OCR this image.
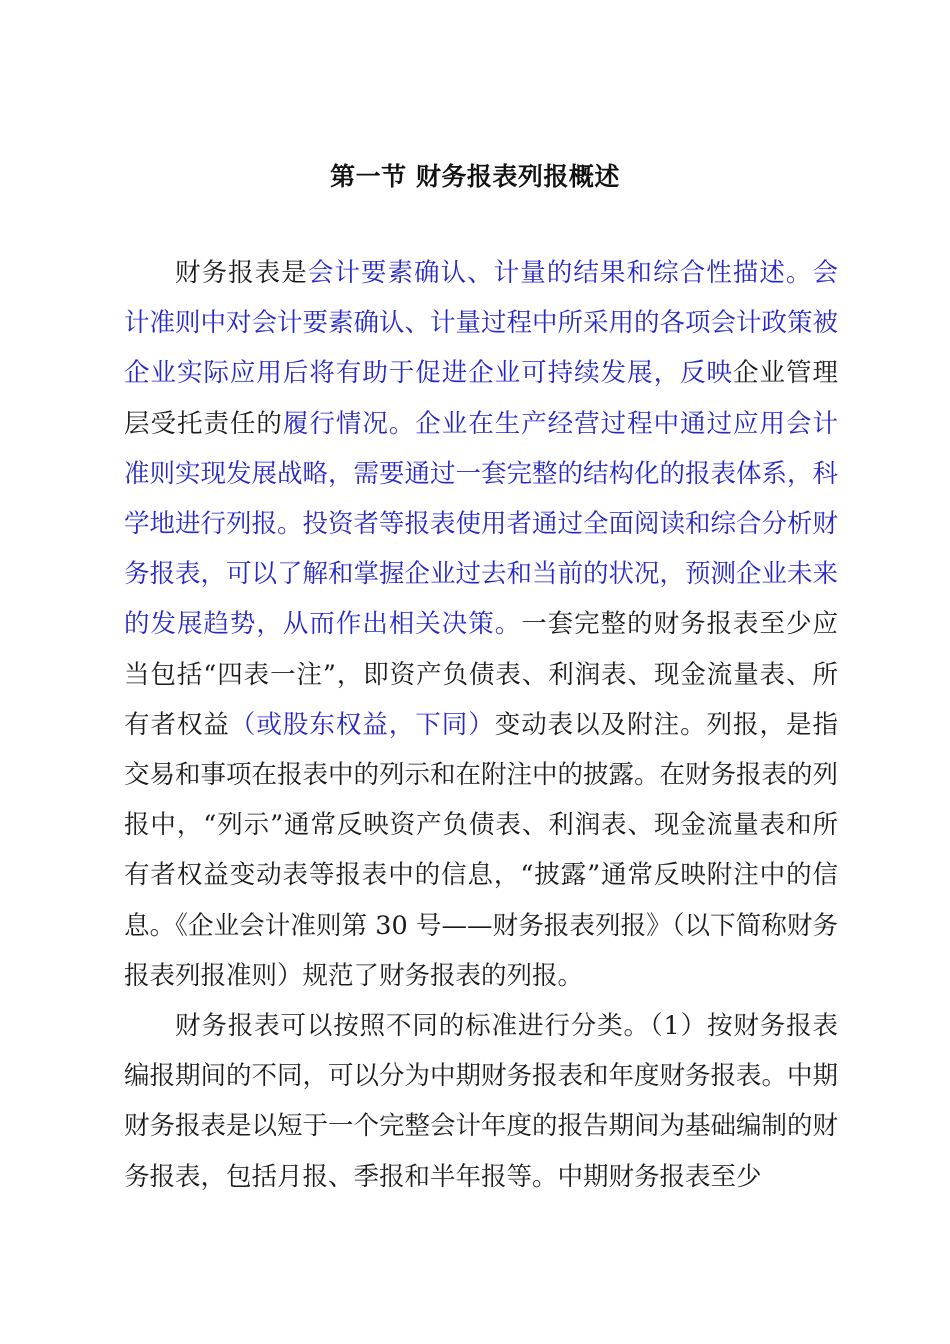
第一节 财务报表列报概述

财务报表是会计要素确认、计量的结果和综合性描述。会计准则中对会计要素确认、计量过程中所采用的各项会计政策被企业实际应用后将有助于促进企业可持续发展，反映企业管理层受托责任的履行情况。企业在生产经营过程中通过应用会计准则实现发展战略，需要通过一套完整的结构化的报表体系，科学地进行列报。投资者等报表使用者通过全面阅读和综合分析财务报表，可以了解和掌握企业过去和当前的状况，预测企业未来的发展趋势，从而作出相关决策。一套完整的财务报表至少应当包括“四表一注”，即资产负债表、利润表、现金流量表、所有者权益（或股东权益，下同）变动表以及附注。列报，是指交易和事项在报表中的列示和在附注中的披露。在财务报表的列报中，“列示”通常反映资产负债表、利润表、现金流量表和所有者权益变动表等报表中的信息，“披露”通常反映附注中的信息。《企业会计准则第 30 号——财务报表列报》（以下简称财务报表列报准则）规范了财务报表的列报。

财务报表可以按照不同的标准进行分类。（1）按财务报表编报期间的不同，可以分为中期财务报表和年度财务报表。中期财务报表是以短于一个完整会计年度的报告期间为基础编制的财务报表，包括月报、季报和半年报等。中期财务报表至少
